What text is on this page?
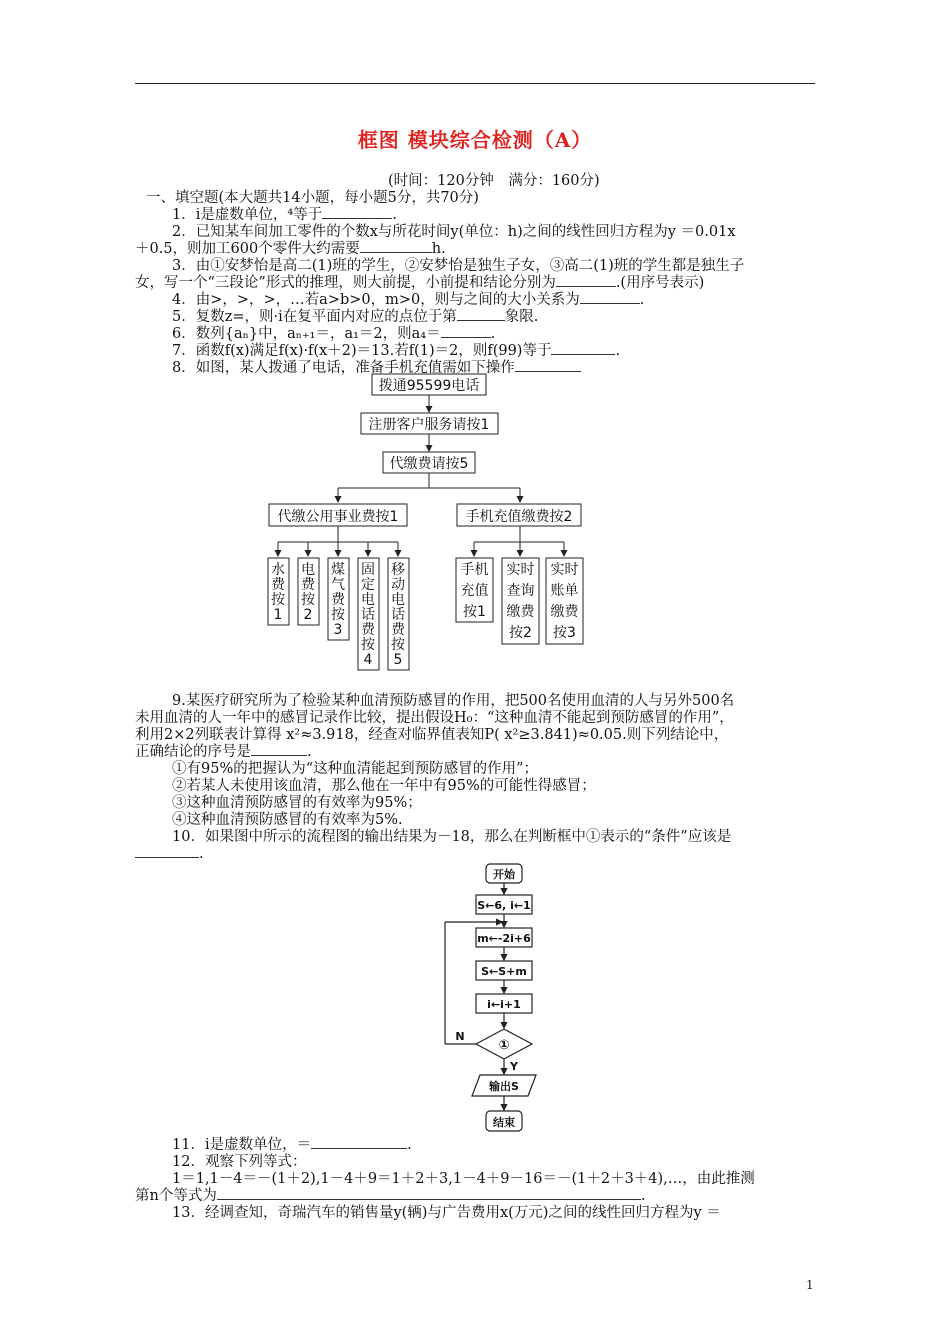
框图 模块综合检测（A）
(时间：120分钟　满分：160分)
一、填空题(本大题共14小题，每小题5分，共70分)
1．i是虚数单位，⁴等于	.
2．已知某车间加工零件的个数x与所花时间y(单位：h)之间的线性回归方程为y ＝0.01x
＋0.5，则加工600个零件大约需要	h.
3．由①安梦怡是高二(1)班的学生，②安梦怡是独生子女，③高二(1)班的学生都是独生子
女，写一个“三段论”形式的推理，则大前提，小前提和结论分别为	.(用序号表示)
4．由>，>，>，…若a>b>0，m>0，则与之间的大小关系为	.
5．复数z=，则·i在复平面内对应的点位于第	象限.
6．数列{aₙ}中，aₙ₊₁＝，a₁＝2，则a₄＝	.
7．函数f(x)满足f(x)·f(x＋2)＝13.若f(1)＝2，则f(99)等于	.
8．如图，某人拨通了电话，准备手机充值需如下操作
拨通95599电话
注册客户服务请按1
代缴费请按5
代缴公用事业费按1	手机充值缴费按2
水费按 1
电费按 2
煤气费按 3
固定电话费按 4
移动电话费按 5
手机充值按1
实时查询缴费按2
实时账单缴费按3
9.某医疗研究所为了检验某种血清预防感冒的作用，把500名使用血清的人与另外500名
未用血清的人一年中的感冒记录作比较，提出假设H₀：“这种血清不能起到预防感冒的作用”，
利用2×2列联表计算得 x²≈3.918，经查对临界值表知P( x²≥3.841)≈0.05.则下列结论中，
正确结论的序号是	.
①有95%的把握认为“这种血清能起到预防感冒的作用”；
②若某人未使用该血清，那么他在一年中有95%的可能性得感冒；
③这种血清预防感冒的有效率为95%；
④这种血清预防感冒的有效率为5%.
10．如果图中所示的流程图的输出结果为－18，那么在判断框中①表示的“条件”应该是
.
开始
S←6, i←1
m←-2i+6
S←S+m
i←i+1
①
N
Y
输出S
结束
11．i是虚数单位，＝	.
12．观察下列等式：
1＝1,1－4＝－(1＋2),1－4＋9＝1＋2＋3,1－4＋9－16＝－(1＋2＋3＋4),…，由此推测
第n个等式为	.
13．经调查知，奇瑞汽车的销售量y(辆)与广告费用x(万元)之间的线性回归方程为y ＝
1
